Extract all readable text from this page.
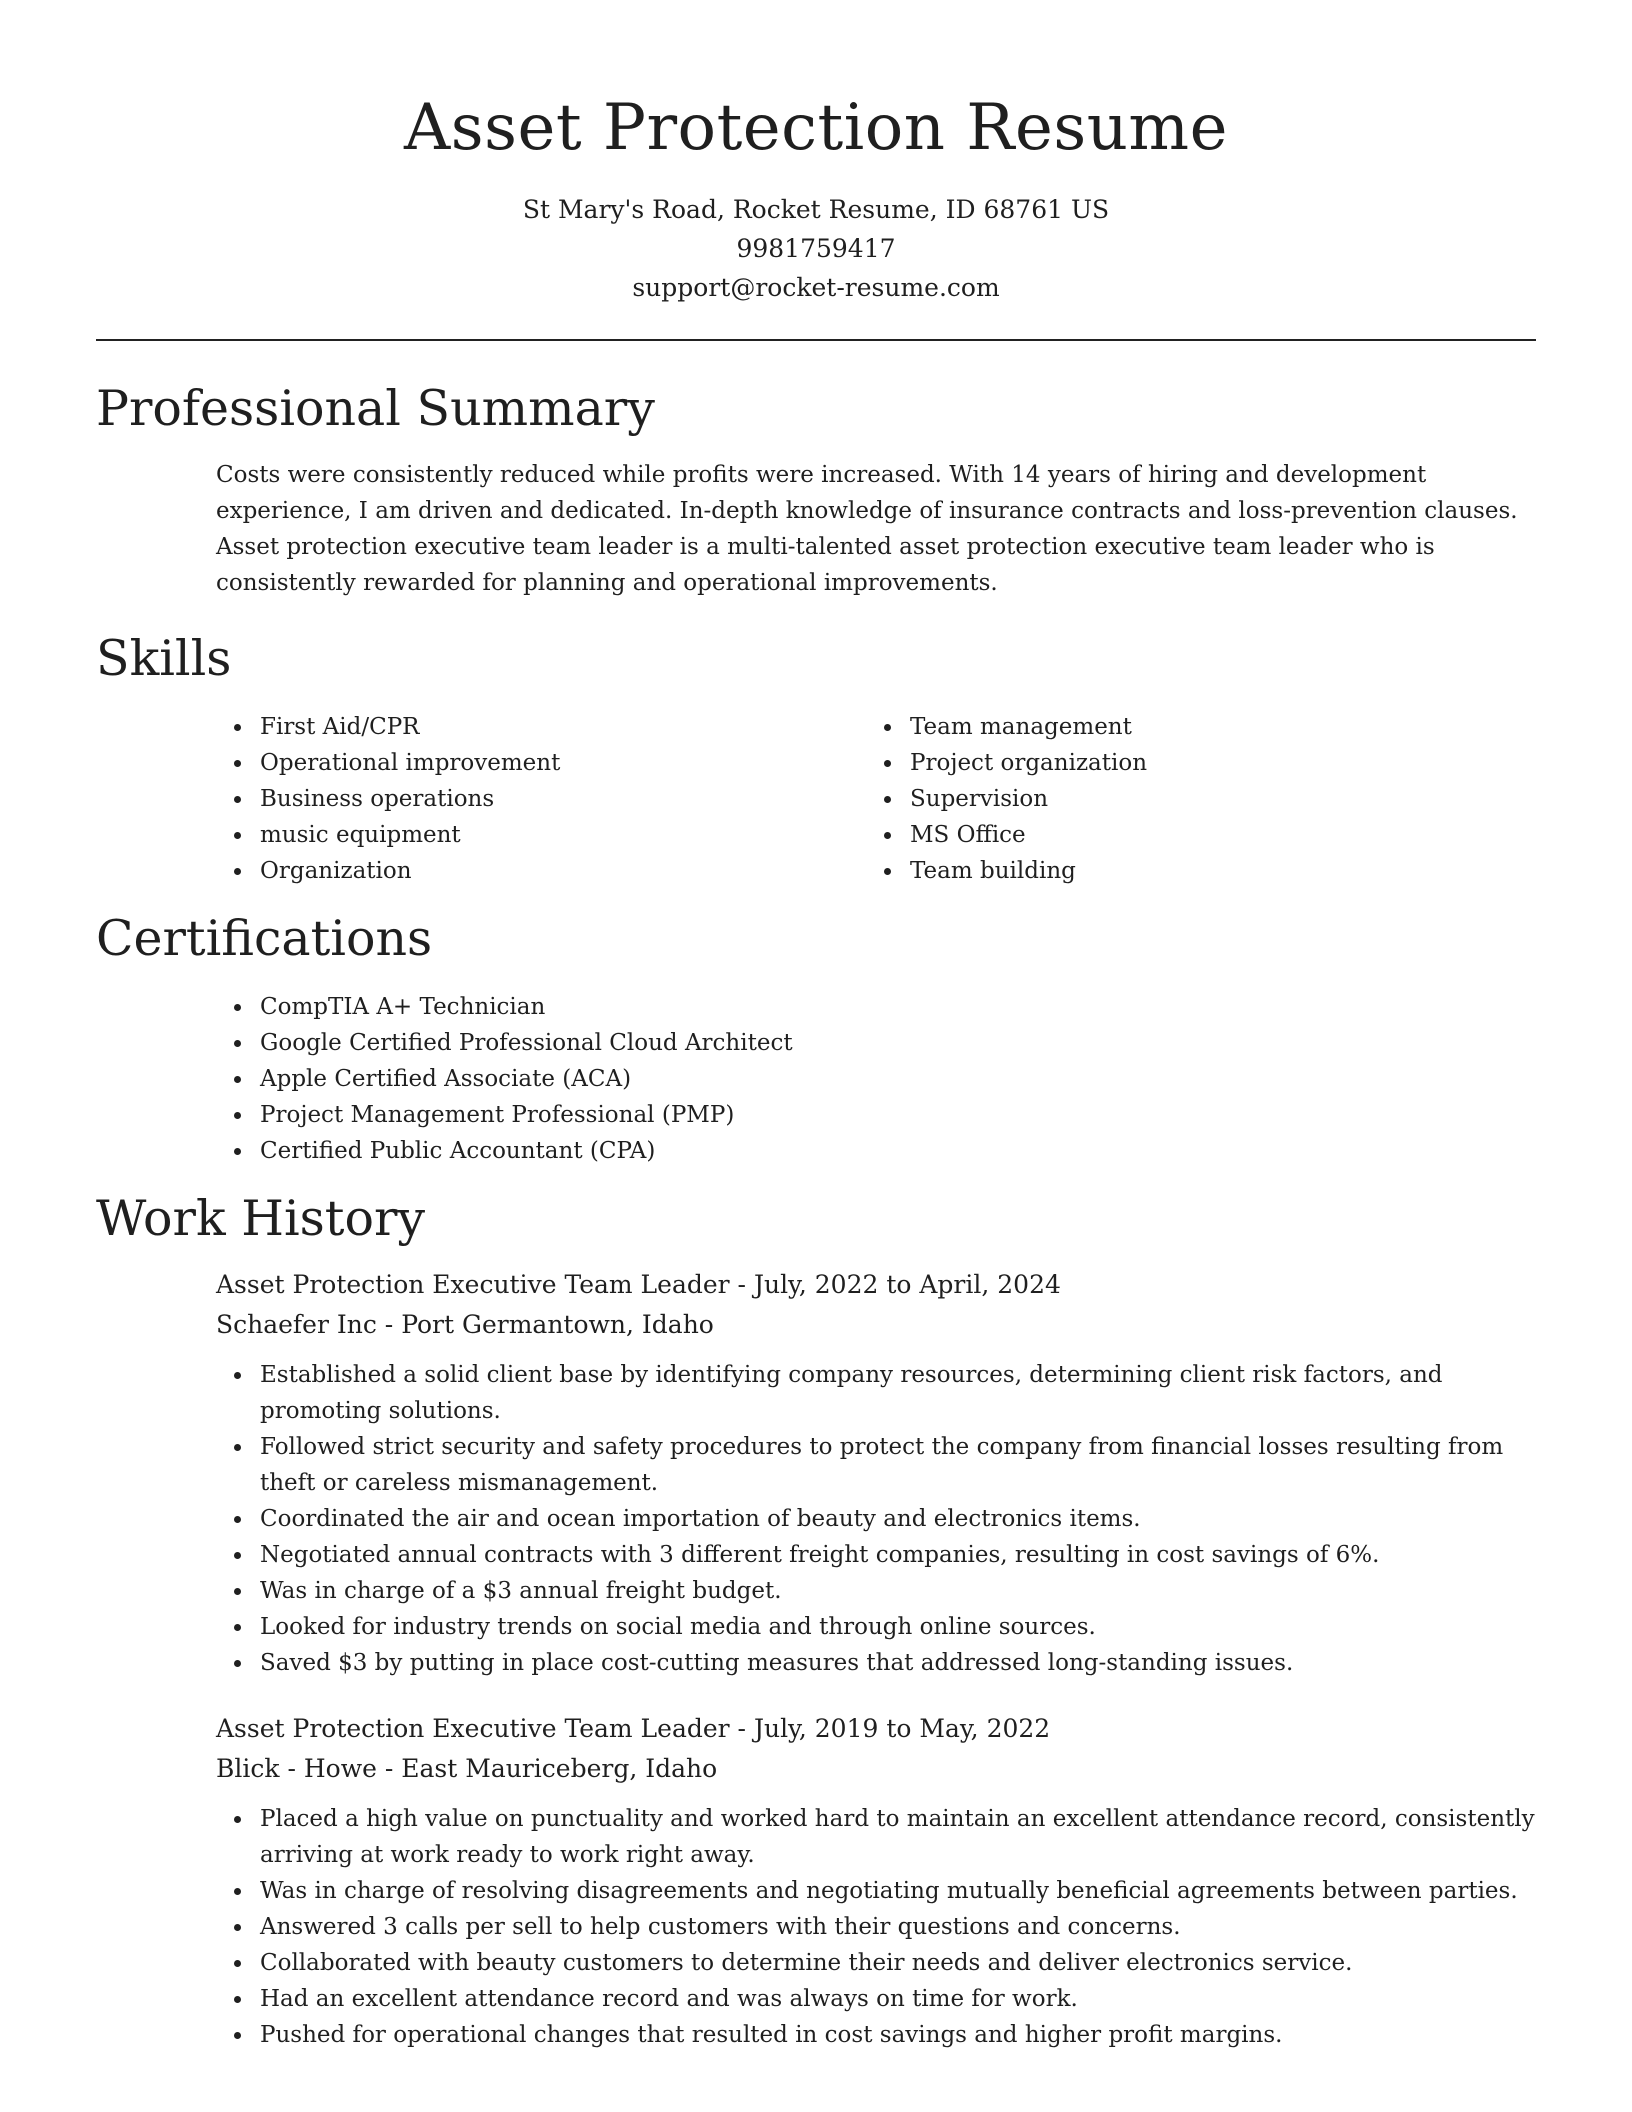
Asset Protection Resume
St Mary's Road, Rocket Resume, ID 68761 US
9981759417
support@rocket-resume.com
Professional Summary

Costs were consistently reduced while profits were increased. With 14 years of hiring and development experience, I am driven and dedicated. In-depth knowledge of insurance contracts and loss-prevention clauses. Asset protection executive team leader is a multi-talented asset protection executive team leader who is consistently rewarded for planning and operational improvements.

Skills
First Aid/CPR
Operational improvement
Business operations
music equipment
Organization
Team management
Project organization
Supervision
MS Office
Team building
Certifications
CompTIA A+ Technician
Google Certified Professional Cloud Architect
Apple Certified Associate (ACA)
Project Management Professional (PMP)
Certified Public Accountant (CPA)
Work History
Asset Protection Executive Team Leader - July, 2022 to April, 2024
Schaefer Inc - Port Germantown, Idaho
Established a solid client base by identifying company resources, determining client risk factors, and promoting solutions.
Followed strict security and safety procedures to protect the company from financial losses resulting from theft or careless mismanagement.
Coordinated the air and ocean importation of beauty and electronics items.
Negotiated annual contracts with 3 different freight companies, resulting in cost savings of 6%.
Was in charge of a $3 annual freight budget.
Looked for industry trends on social media and through online sources.
Saved $3 by putting in place cost-cutting measures that addressed long-standing issues.
Asset Protection Executive Team Leader - July, 2019 to May, 2022
Blick - Howe - East Mauriceberg, Idaho
Placed a high value on punctuality and worked hard to maintain an excellent attendance record, consistently arriving at work ready to work right away.
Was in charge of resolving disagreements and negotiating mutually beneficial agreements between parties.
Answered 3 calls per sell to help customers with their questions and concerns.
Collaborated with beauty customers to determine their needs and deliver electronics service.
Had an excellent attendance record and was always on time for work.
Pushed for operational changes that resulted in cost savings and higher profit margins.
